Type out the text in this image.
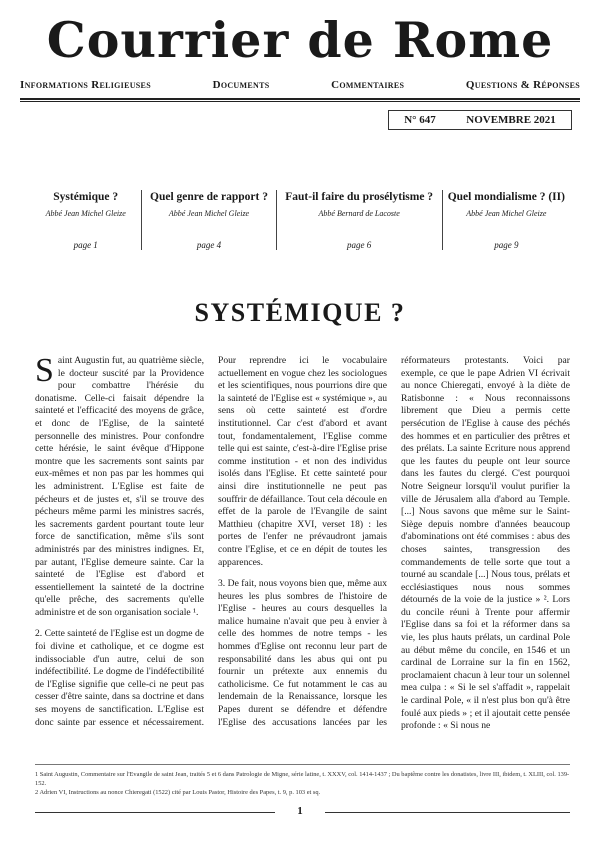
Courrier de Rome
Informations Religieuses	Documents	Commentaires	Questions & Réponses
N° 647	NOVEMBRE 2021
Systémique ?
Abbé Jean Michel Gleize
page 1
Quel genre de rapport ?
Abbé Jean Michel Gleize
page 4
Faut-il faire du prosélytisme ?
Abbé Bernard de Lacoste
page 6
Quel mondialisme ? (II)
Abbé Jean Michel Gleize
page 9
SYSTÉMIQUE ?

Saint Augustin fut, au quatrième siècle, le docteur suscité par la Providence pour combattre l'hérésie du donatisme. Celle-ci faisait dépendre la sainteté et l'efficacité des moyens de grâce, et donc de l'Eglise, de la sainteté personnelle des ministres. Pour confondre cette hérésie, le saint évêque d'Hippone montre que les sacrements sont saints par eux-mêmes et non pas par les hommes qui les administrent. L'Eglise est faite de pécheurs et de justes et, s'il se trouve des pécheurs même parmi les ministres sacrés, les sacrements gardent pourtant toute leur force de sanctification, même s'ils sont administrés par des ministres indignes. Et, par autant, l'Eglise demeure sainte. Car la sainteté de l'Eglise est d'abord et essentiellement la sainteté de la doctrine qu'elle prêche, des sacrements qu'elle administre et de son organisation sociale ¹.

2. Cette sainteté de l'Eglise est un dogme de foi divine et catholique, et ce dogme est indissociable d'un autre, celui de son indéfectibilité. Le dogme de l'indéfectibilité de l'Eglise signifie que celle-ci ne peut pas cesser d'être sainte, dans sa doctrine et dans ses moyens de sanctification. L'Eglise est donc sainte par essence et nécessairement. Pour reprendre ici le vocabulaire actuellement en vogue chez les sociologues et les scientifiques, nous pourrions dire que la sainteté de l'Eglise est « systémique », au sens où cette sainteté est d'ordre institutionnel. Car c'est d'abord et avant tout, fondamentalement, l'Eglise comme telle qui est sainte, c'est-à-dire l'Eglise prise comme institution - et non des individus isolés dans l'Eglise. Et cette sainteté pour ainsi dire institutionnelle ne peut pas souffrir de défaillance. Tout cela découle en effet de la parole de l'Evangile de saint Matthieu (chapitre XVI, verset 18) : les portes de l'enfer ne prévaudront jamais contre l'Eglise, et ce en dépit de toutes les apparences.

3. De fait, nous voyons bien que, même aux heures les plus sombres de l'histoire de l'Eglise - heures au cours desquelles la malice humaine n'avait que peu à envier à celle des hommes de notre temps - les hommes d'Eglise ont reconnu leur part de responsabilité dans les abus qui ont pu fournir un prétexte aux ennemis du catholicisme. Ce fut notamment le cas au lendemain de la Renaissance, lorsque les Papes durent se défendre et défendre l'Eglise des accusations lancées par les réformateurs protestants. Voici par exemple, ce que le pape Adrien VI écrivait au nonce Chieregati, envoyé à la diète de Ratisbonne : « Nous reconnaissons librement que Dieu a permis cette persécution de l'Eglise à cause des péchés des hommes et en particulier des prêtres et des prélats. La sainte Ecriture nous apprend que les fautes du peuple ont leur source dans les fautes du clergé. C'est pourquoi Notre Seigneur lorsqu'il voulut purifier la ville de Jérusalem alla d'abord au Temple. [...] Nous savons que même sur le Saint-Siège depuis nombre d'années beaucoup d'abominations ont été commises : abus des choses saintes, transgression des commandements de telle sorte que tout a tourné au scandale [...] Nous tous, prélats et ecclésiastiques nous nous sommes détournés de la voie de la justice » ². Lors du concile réuni à Trente pour affermir l'Eglise dans sa foi et la réformer dans sa vie, les plus hauts prélats, un cardinal Pole au début même du concile, en 1546 et un cardinal de Lorraine sur la fin en 1562, proclamaient chacun à leur tour un solennel mea culpa : « Si le sel s'affadit », rappelait le cardinal Pole, « il n'est plus bon qu'à être foulé aux pieds » ; et il ajoutait cette pensée profonde : « Si nous ne

1 Saint Augustin, Commentaire sur l'Evangile de saint Jean, traités 5 et 6 dans Patrologie de Migne, série latine, t. XXXV, col. 1414-1437 ; Du baptême contre les donatistes, livre III, ibidem, t. XLIII, col. 139-152.
2 Adrien VI, Instructions au nonce Chieregati (1522) cité par Louis Pastor, Histoire des Papes, t. 9, p. 103 et sq.
1
